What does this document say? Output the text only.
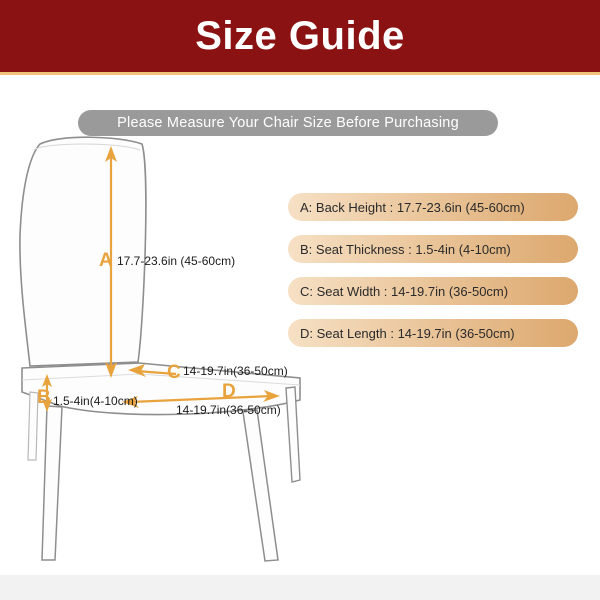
Size Guide
Please Measure Your Chair Size Before Purchasing
A 17.7-23.6in (45-60cm)
B 1.5-4in(4-10cm)
C 14-19.7in(36-50cm)
D
14-19.7in(36-50cm)
A: Back Height : 17.7-23.6in (45-60cm)
B: Seat Thickness : 1.5-4in (4-10cm)
C: Seat Width : 14-19.7in (36-50cm)
D: Seat Length : 14-19.7in (36-50cm)
